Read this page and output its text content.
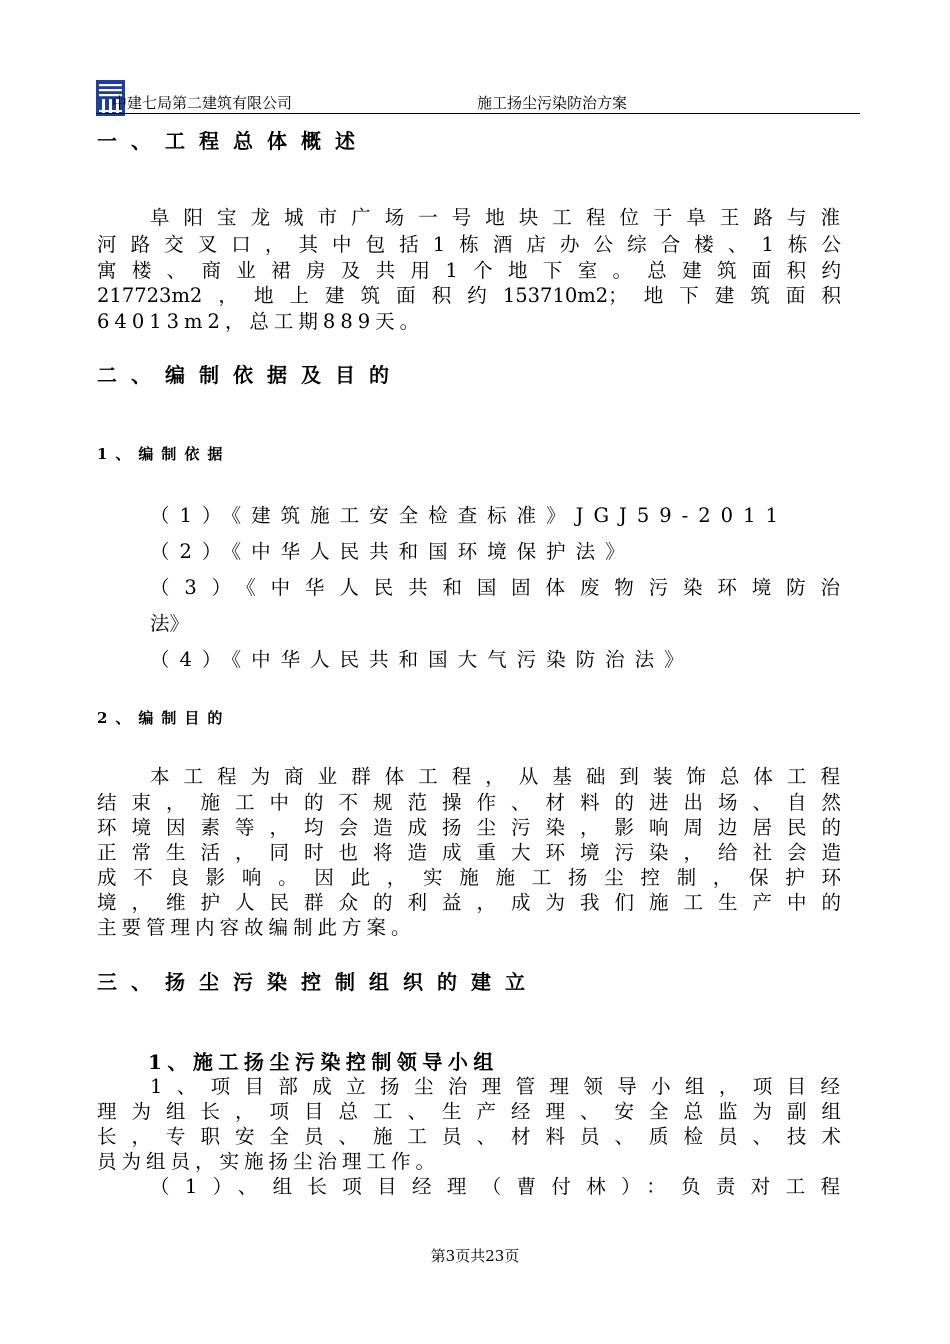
中建七局第二建筑有限公司	施工扬尘污染防治方案
一、工程总体概述
阜阳宝龙城市广场一号地块工程位于阜王路与淮
河路交叉口，其中包括1栋酒店办公综合楼、1栋公
寓楼、商业裙房及共用1个地下室。总建筑面积约
217723m2，地上建筑面积约153710m2；地下建筑面积
64013m2，总工期889天。
二、编制依据及目的
1、编制依据
（1）《建筑施工安全检查标准》JGJ59-2011
（2）《中华人民共和国环境保护法》
（3）《中华人民共和国固体废物污染环境防治
法》
（4）《中华人民共和国大气污染防治法》
2、编制目的
本工程为商业群体工程，从基础到装饰总体工程
结束，施工中的不规范操作、材料的进出场、自然
环境因素等，均会造成扬尘污染，影响周边居民的
正常生活，同时也将造成重大环境污染，给社会造
成不良影响。因此，实施施工扬尘控制，保护环
境，维护人民群众的利益，成为我们施工生产中的
主要管理内容故编制此方案。
三、扬尘污染控制组织的建立
1、施工扬尘污染控制领导小组
1、项目部成立扬尘治理管理领导小组，项目经
理为组长，项目总工、生产经理、安全总监为副组
长，专职安全员、施工员、材料员、质检员、技术
员为组员，实施扬尘治理工作。
（1）、组长项目经理（曹付林）：负责对工程
第3页共23页
